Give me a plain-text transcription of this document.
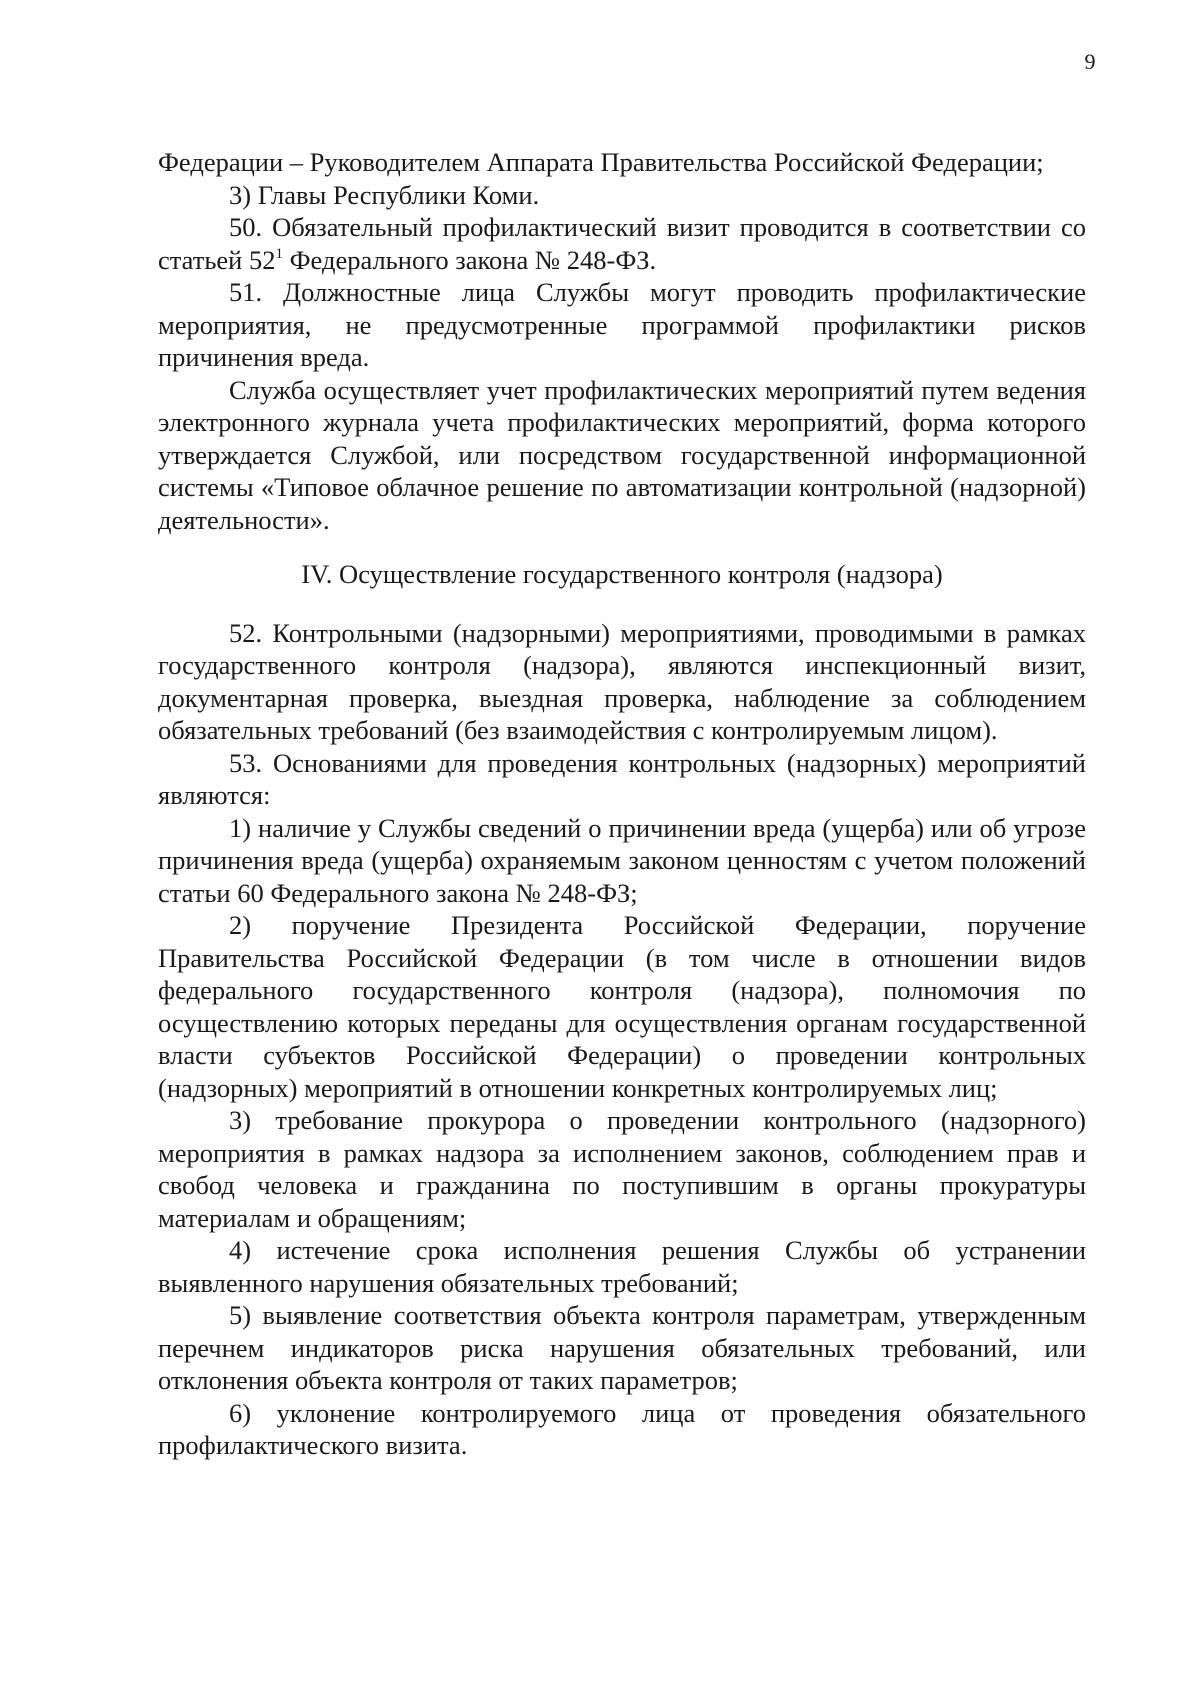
9

Федерации – Руководителем Аппарата Правительства Российской Федерации;

3) Главы Республики Коми.

50. Обязательный профилактический визит проводится в соответствии со статьей $52^1$ Федерального закона № 248-ФЗ.

51. Должностные лица Службы могут проводить профилактические мероприятия, не предусмотренные программой профилактики рисков причинения вреда.

Служба осуществляет учет профилактических мероприятий путем ведения электронного журнала учета профилактических мероприятий, форма которого утверждается Службой, или посредством государственной информационной системы «Типовое облачное решение по автоматизации контрольной (надзорной) деятельности».

IV. Осуществление государственного контроля (надзора)

52. Контрольными (надзорными) мероприятиями, проводимыми в рамках государственного контроля (надзора), являются инспекционный визит, документарная проверка, выездная проверка, наблюдение за соблюдением обязательных требований (без взаимодействия с контролируемым лицом).

53. Основаниями для проведения контрольных (надзорных) мероприятий являются:

1) наличие у Службы сведений о причинении вреда (ущерба) или об угрозе причинения вреда (ущерба) охраняемым законом ценностям с учетом положений статьи 60 Федерального закона № 248-ФЗ;

2) поручение Президента Российской Федерации, поручение Правительства Российской Федерации (в том числе в отношении видов федерального государственного контроля (надзора), полномочия по осуществлению которых переданы для осуществления органам государственной власти субъектов Российской Федерации) о проведении контрольных (надзорных) мероприятий в отношении конкретных контролируемых лиц;

3) требование прокурора о проведении контрольного (надзорного) мероприятия в рамках надзора за исполнением законов, соблюдением прав и свобод человека и гражданина по поступившим в органы прокуратуры материалам и обращениям;

4) истечение срока исполнения решения Службы об устранении выявленного нарушения обязательных требований;

5) выявление соответствия объекта контроля параметрам, утвержденным перечнем индикаторов риска нарушения обязательных требований, или отклонения объекта контроля от таких параметров;

6) уклонение контролируемого лица от проведения обязательного профилактического визита.
